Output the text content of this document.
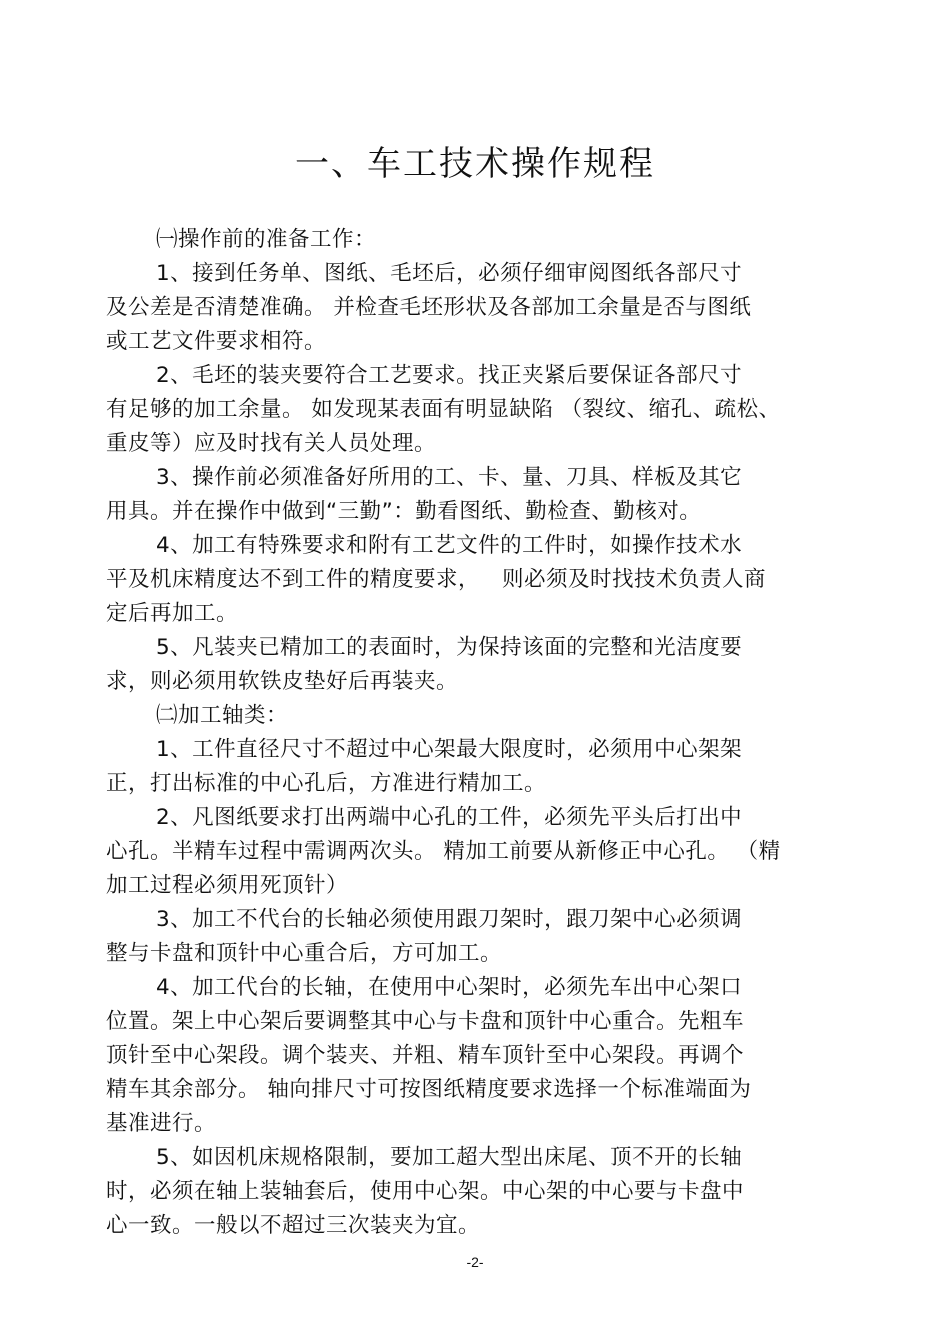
一、车工技术操作规程
㈠操作前的准备工作：
1、接到任务单、图纸、毛坯后，必须仔细审阅图纸各部尺寸
及公差是否清楚准确。 并检查毛坯形状及各部加工余量是否与图纸
或工艺文件要求相符。
2、毛坯的装夹要符合工艺要求。找正夹紧后要保证各部尺寸
有足够的加工余量。 如发现某表面有明显缺陷 （裂纹、缩孔、疏松、
重皮等）应及时找有关人员处理。
3、操作前必须准备好所用的工、卡、量、刀具、样板及其它
用具。并在操作中做到“三勤”：勤看图纸、勤检查、勤核对。
4、加工有特殊要求和附有工艺文件的工件时，如操作技术水
平及机床精度达不到工件的精度要求，   则必须及时找技术负责人商
定后再加工。
5、凡装夹已精加工的表面时，为保持该面的完整和光洁度要
求，则必须用软铁皮垫好后再装夹。
㈡加工轴类：
1、工件直径尺寸不超过中心架最大限度时，必须用中心架架
正，打出标准的中心孔后，方准进行精加工。
2、凡图纸要求打出两端中心孔的工件，必须先平头后打出中
心孔。半精车过程中需调两次头。 精加工前要从新修正中心孔。 （精
加工过程必须用死顶针）
3、加工不代台的长轴必须使用跟刀架时，跟刀架中心必须调
整与卡盘和顶针中心重合后，方可加工。
4、加工代台的长轴，在使用中心架时，必须先车出中心架口
位置。架上中心架后要调整其中心与卡盘和顶针中心重合。先粗车
顶针至中心架段。调个装夹、并粗、精车顶针至中心架段。再调个
精车其余部分。 轴向排尺寸可按图纸精度要求选择一个标准端面为
基准进行。
5、如因机床规格限制，要加工超大型出床尾、顶不开的长轴
时，必须在轴上装轴套后，使用中心架。中心架的中心要与卡盘中
心一致。一般以不超过三次装夹为宜。
-2-
